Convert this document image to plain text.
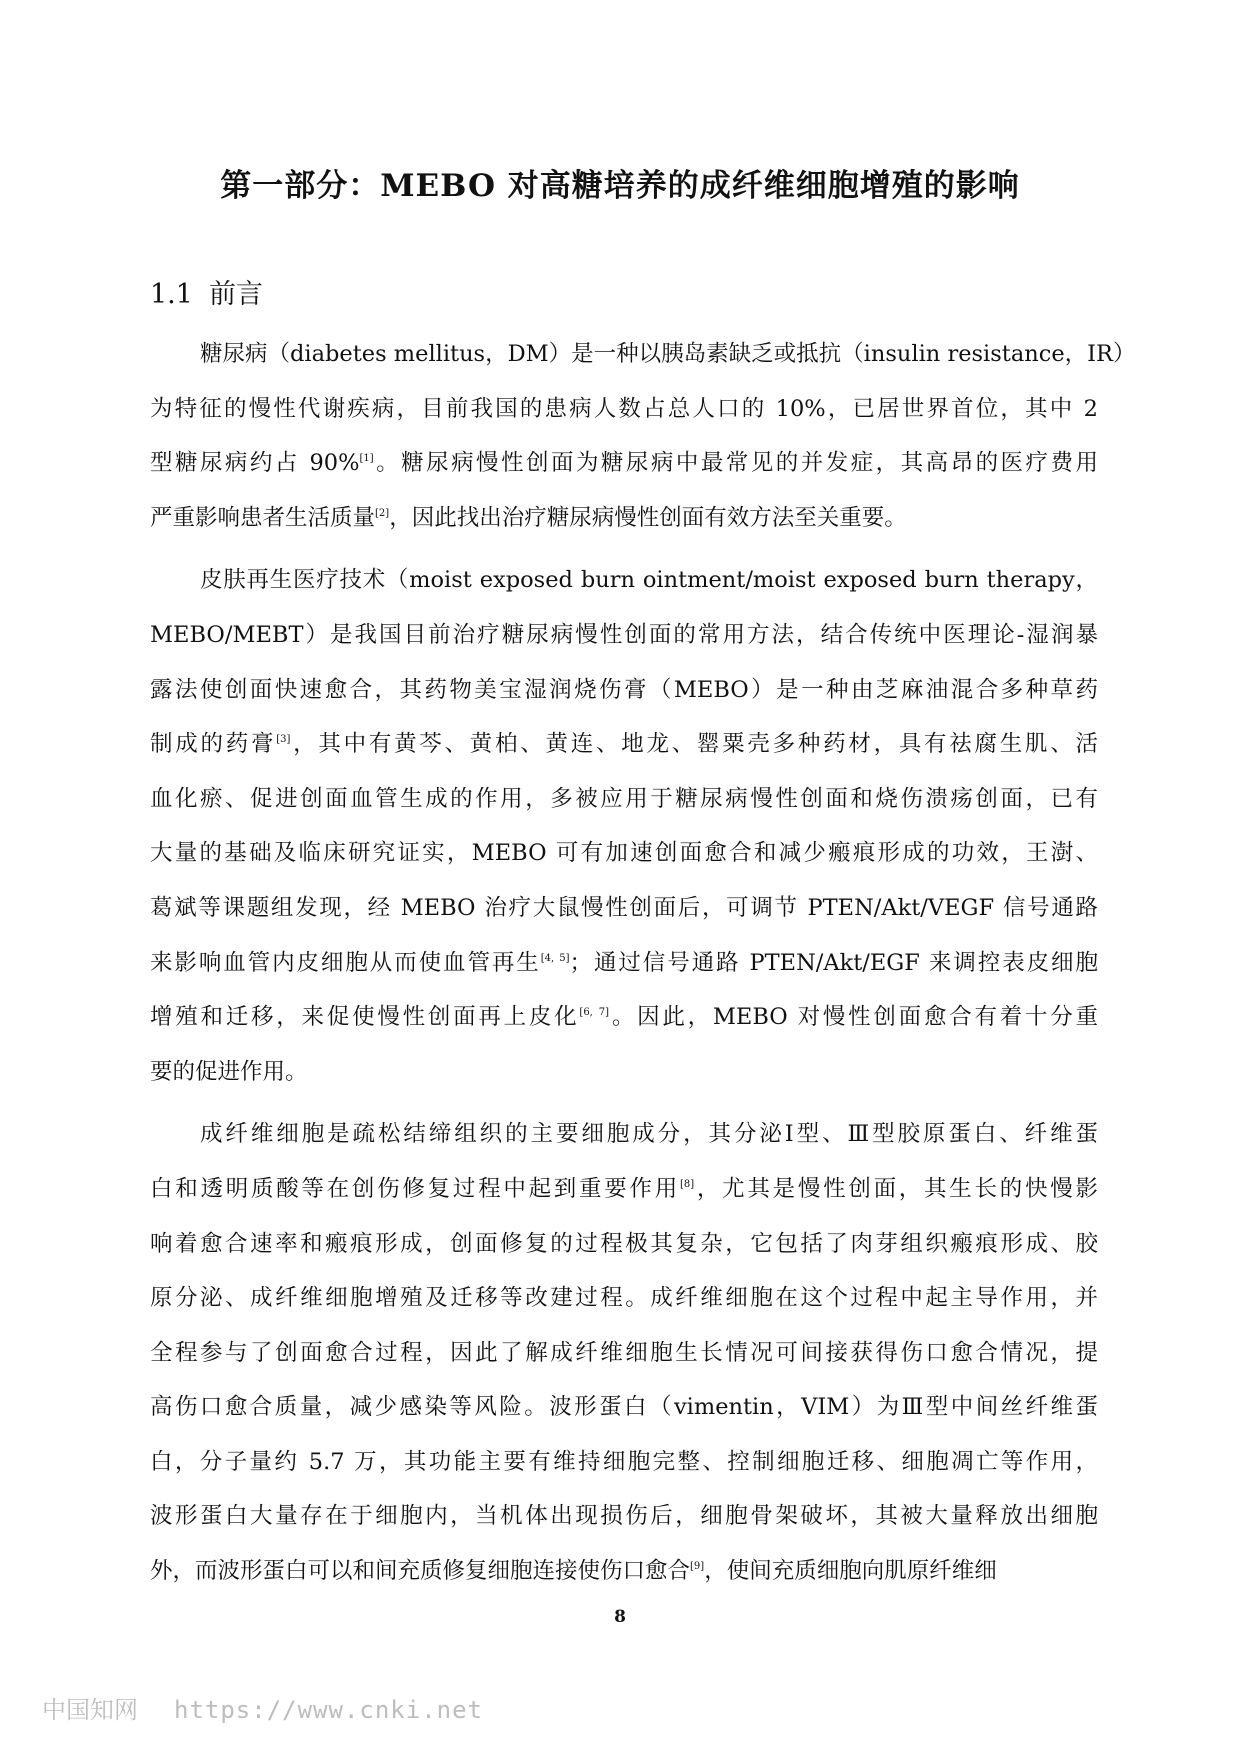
第一部分：MEBO 对高糖培养的成纤维细胞增殖的影响
1.1 前言
糖尿病（diabetes mellitus，DM）是一种以胰岛素缺乏或抵抗（insulin resistance，IR）
为特征的慢性代谢疾病，目前我国的患病人数占总人口的 10%，已居世界首位，其中 2
型糖尿病约占 90%[1]。糖尿病慢性创面为糖尿病中最常见的并发症，其高昂的医疗费用
严重影响患者生活质量[2]，因此找出治疗糖尿病慢性创面有效方法至关重要。
皮肤再生医疗技术（moist exposed burn ointment/moist exposed burn therapy，
MEBO/MEBT）是我国目前治疗糖尿病慢性创面的常用方法，结合传统中医理论-湿润暴
露法使创面快速愈合，其药物美宝湿润烧伤膏（MEBO）是一种由芝麻油混合多种草药
制成的药膏[3]，其中有黄芩、黄柏、黄连、地龙、罂粟壳多种药材，具有祛腐生肌、活
血化瘀、促进创面血管生成的作用，多被应用于糖尿病慢性创面和烧伤溃疡创面，已有
大量的基础及临床研究证实，MEBO 可有加速创面愈合和减少瘢痕形成的功效，王澍、
葛斌等课题组发现，经 MEBO 治疗大鼠慢性创面后，可调节 PTEN/Akt/VEGF 信号通路
来影响血管内皮细胞从而使血管再生[4, 5]；通过信号通路 PTEN/Akt/EGF 来调控表皮细胞
增殖和迁移，来促使慢性创面再上皮化[6, 7]。因此，MEBO 对慢性创面愈合有着十分重
要的促进作用。
成纤维细胞是疏松结缔组织的主要细胞成分，其分泌Ⅰ型、Ⅲ型胶原蛋白、纤维蛋
白和透明质酸等在创伤修复过程中起到重要作用[8]，尤其是慢性创面，其生长的快慢影
响着愈合速率和瘢痕形成，创面修复的过程极其复杂，它包括了肉芽组织瘢痕形成、胶
原分泌、成纤维细胞增殖及迁移等改建过程。成纤维细胞在这个过程中起主导作用，并
全程参与了创面愈合过程，因此了解成纤维细胞生长情况可间接获得伤口愈合情况，提
高伤口愈合质量，减少感染等风险。波形蛋白（vimentin，VIM）为Ⅲ型中间丝纤维蛋
白，分子量约 5.7 万，其功能主要有维持细胞完整、控制细胞迁移、细胞凋亡等作用，
波形蛋白大量存在于细胞内，当机体出现损伤后，细胞骨架破坏，其被大量释放出细胞
外，而波形蛋白可以和间充质修复细胞连接使伤口愈合[9]，使间充质细胞向肌原纤维细
8
中国知网 https://www.cnki.net
